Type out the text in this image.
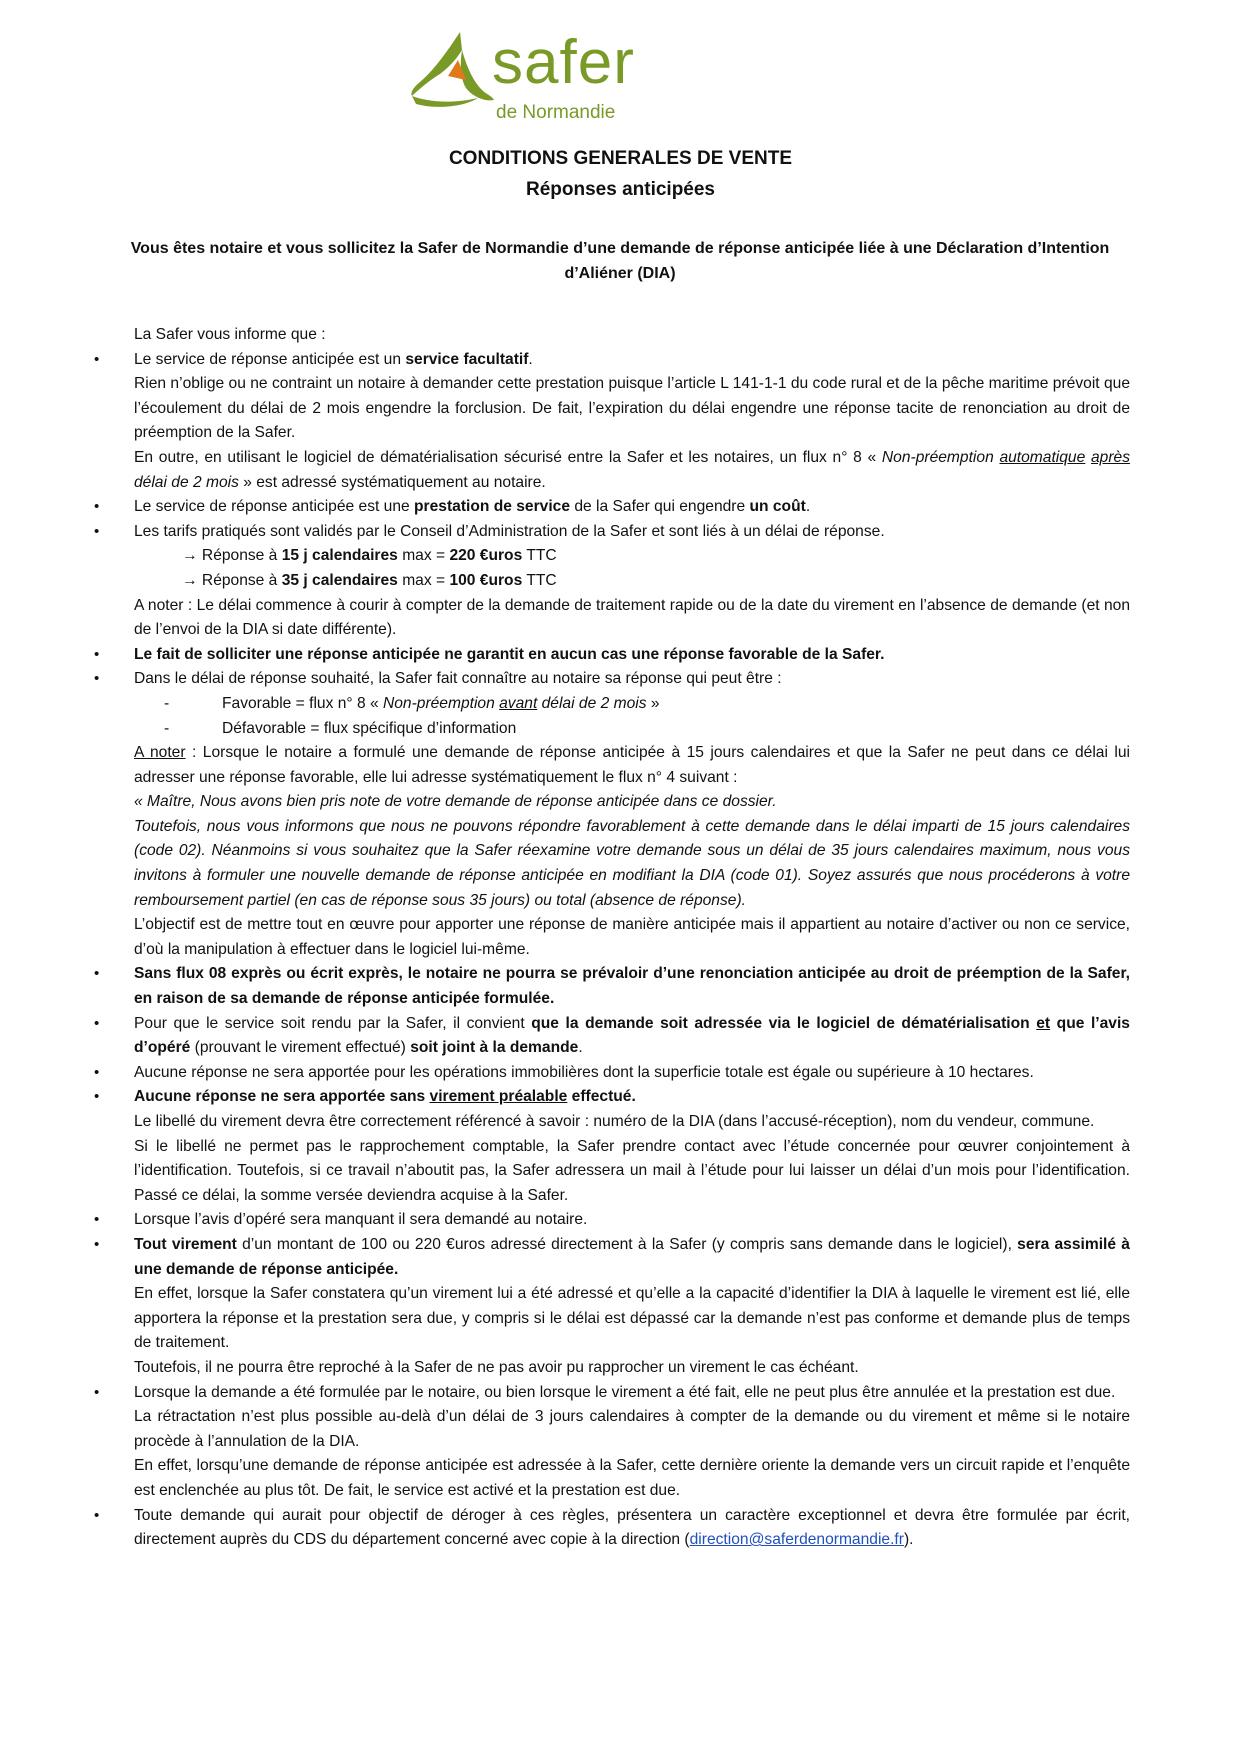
safer
de Normandie
CONDITIONS GENERALES DE VENTE
Réponses anticipées
Vous êtes notaire et vous sollicitez la Safer de Normandie d’une demande de réponse anticipée liée à une Déclaration d’Intention d’Aliéner (DIA)

La Safer vous informe que :

• Le service de réponse anticipée est un service facultatif.

Rien n’oblige ou ne contraint un notaire à demander cette prestation puisque l’article L 141-1-1 du code rural et de la pêche maritime prévoit que l’écoulement du délai de 2 mois engendre la forclusion. De fait, l’expiration du délai engendre une réponse tacite de renonciation au droit de préemption de la Safer.

En outre, en utilisant le logiciel de dématérialisation sécurisé entre la Safer et les notaires, un flux n° 8 « Non-préemption automatique après délai de 2 mois » est adressé systématiquement au notaire.

• Le service de réponse anticipée est une prestation de service de la Safer qui engendre un coût.

• Les tarifs pratiqués sont validés par le Conseil d’Administration de la Safer et sont liés à un délai de réponse.

→ Réponse à 15 j calendaires max = 220 €uros TTC

→ Réponse à 35 j calendaires max = 100 €uros TTC

A noter : Le délai commence à courir à compter de la demande de traitement rapide ou de la date du virement en l’absence de demande (et non de l’envoi de la DIA si date différente).

• Le fait de solliciter une réponse anticipée ne garantit en aucun cas une réponse favorable de la Safer.

• Dans le délai de réponse souhaité, la Safer fait connaître au notaire sa réponse qui peut être :

-	Favorable = flux n° 8 « Non-préemption avant délai de 2 mois »

-	Défavorable = flux spécifique d’information

A noter : Lorsque le notaire a formulé une demande de réponse anticipée à 15 jours calendaires et que la Safer ne peut dans ce délai lui adresser une réponse favorable, elle lui adresse systématiquement le flux n° 4 suivant :

« Maître, Nous avons bien pris note de votre demande de réponse anticipée dans ce dossier.

Toutefois, nous vous informons que nous ne pouvons répondre favorablement à cette demande dans le délai imparti de 15 jours calendaires (code 02). Néanmoins si vous souhaitez que la Safer réexamine votre demande sous un délai de 35 jours calendaires maximum, nous vous invitons à formuler une nouvelle demande de réponse anticipée en modifiant la DIA (code 01). Soyez assurés que nous procéderons à votre remboursement partiel (en cas de réponse sous 35 jours) ou total (absence de réponse).

L’objectif est de mettre tout en œuvre pour apporter une réponse de manière anticipée mais il appartient au notaire d’activer ou non ce service, d’où la manipulation à effectuer dans le logiciel lui-même.

• Sans flux 08 exprès ou écrit exprès, le notaire ne pourra se prévaloir d’une renonciation anticipée au droit de préemption de la Safer, en raison de sa demande de réponse anticipée formulée.

• Pour que le service soit rendu par la Safer, il convient que la demande soit adressée via le logiciel de dématérialisation et que l’avis d’opéré (prouvant le virement effectué) soit joint à la demande.

• Aucune réponse ne sera apportée pour les opérations immobilières dont la superficie totale est égale ou supérieure à 10 hectares.

• Aucune réponse ne sera apportée sans virement préalable effectué.

Le libellé du virement devra être correctement référencé à savoir : numéro de la DIA (dans l’accusé-réception), nom du vendeur, commune.

Si le libellé ne permet pas le rapprochement comptable, la Safer prendre contact avec l’étude concernée pour œuvrer conjointement à l’identification. Toutefois, si ce travail n’aboutit pas, la Safer adressera un mail à l’étude pour lui laisser un délai d’un mois pour l’identification. Passé ce délai, la somme versée deviendra acquise à la Safer.

• Lorsque l’avis d’opéré sera manquant il sera demandé au notaire.

• Tout virement d’un montant de 100 ou 220 €uros adressé directement à la Safer (y compris sans demande dans le logiciel), sera assimilé à une demande de réponse anticipée.

En effet, lorsque la Safer constatera qu’un virement lui a été adressé et qu’elle a la capacité d’identifier la DIA à laquelle le virement est lié, elle apportera la réponse et la prestation sera due, y compris si le délai est dépassé car la demande n’est pas conforme et demande plus de temps de traitement.

Toutefois, il ne pourra être reproché à la Safer de ne pas avoir pu rapprocher un virement le cas échéant.

• Lorsque la demande a été formulée par le notaire, ou bien lorsque le virement a été fait, elle ne peut plus être annulée et la prestation est due.

La rétractation n’est plus possible au-delà d’un délai de 3 jours calendaires à compter de la demande ou du virement et même si le notaire procède à l’annulation de la DIA.

En effet, lorsqu’une demande de réponse anticipée est adressée à la Safer, cette dernière oriente la demande vers un circuit rapide et l’enquête est enclenchée au plus tôt. De fait, le service est activé et la prestation est due.

• Toute demande qui aurait pour objectif de déroger à ces règles, présentera un caractère exceptionnel et devra être formulée par écrit, directement auprès du CDS du département concerné avec copie à la direction (direction@saferdenormandie.fr).
